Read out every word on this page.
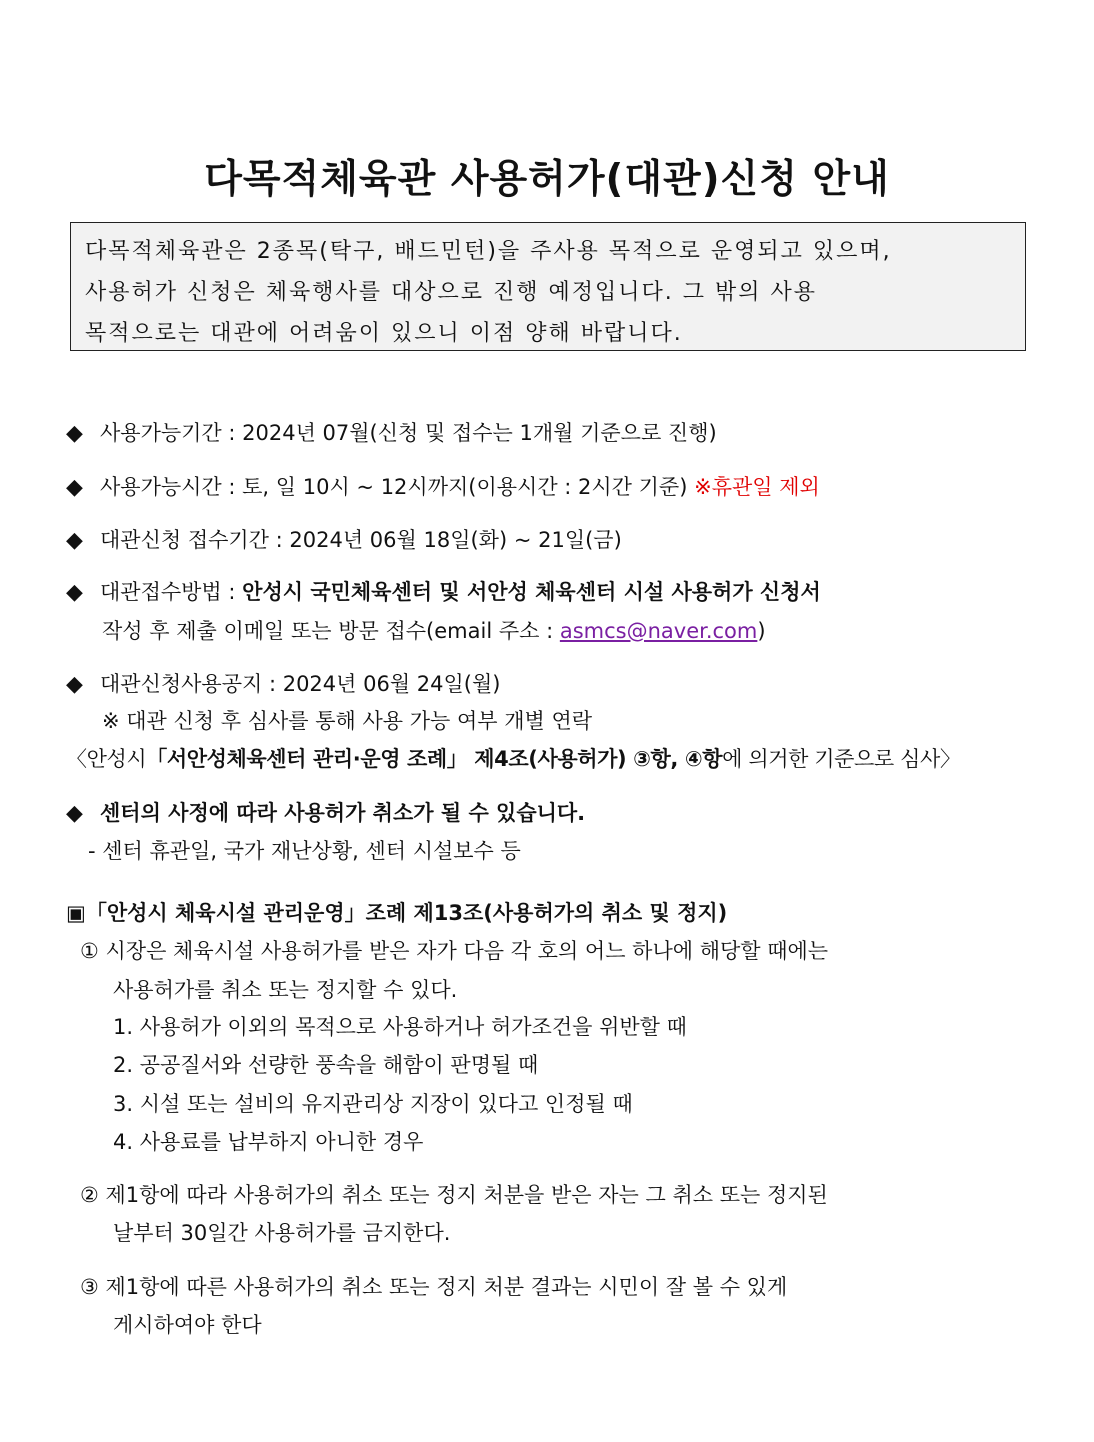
다목적체육관 사용허가(대관)신청 안내
다목적체육관은 2종목(탁구, 배드민턴)을 주사용 목적으로 운영되고 있으며,
사용허가 신청은 체육행사를 대상으로 진행 예정입니다. 그 밖의 사용
목적으로는 대관에 어려움이 있으니 이점 양해 바랍니다.
◆ 사용가능기간 : 2024년 07월(신청 및 접수는 1개월 기준으로 진행)
◆ 사용가능시간 : 토, 일 10시 ~ 12시까지(이용시간 : 2시간 기준) ※휴관일 제외
◆ 대관신청 접수기간 : 2024년 06월 18일(화) ~ 21일(금)
◆ 대관접수방법 : 안성시 국민체육센터 및 서안성 체육센터 시설 사용허가 신청서
작성 후 제출 이메일 또는 방문 접수(email 주소 : asmcs@naver.com)
◆ 대관신청사용공지 : 2024년 06월 24일(월)
※ 대관 신청 후 심사를 통해 사용 가능 여부 개별 연락
〈안성시「서안성체육센터 관리·운영 조례」 제4조(사용허가) ③항, ④항에 의거한 기준으로 심사〉
◆ 센터의 사정에 따라 사용허가 취소가 될 수 있습니다.
- 센터 휴관일, 국가 재난상황, 센터 시설보수 등
▣「안성시 체육시설 관리운영」조례 제13조(사용허가의 취소 및 정지)
① 시장은 체육시설 사용허가를 받은 자가 다음 각 호의 어느 하나에 해당할 때에는
사용허가를 취소 또는 정지할 수 있다.
1. 사용허가 이외의 목적으로 사용하거나 허가조건을 위반할 때
2. 공공질서와 선량한 풍속을 해함이 판명될 때
3. 시설 또는 설비의 유지관리상 지장이 있다고 인정될 때
4. 사용료를 납부하지 아니한 경우
② 제1항에 따라 사용허가의 취소 또는 정지 처분을 받은 자는 그 취소 또는 정지된
날부터 30일간 사용허가를 금지한다.
③ 제1항에 따른 사용허가의 취소 또는 정지 처분 결과는 시민이 잘 볼 수 있게
게시하여야 한다
